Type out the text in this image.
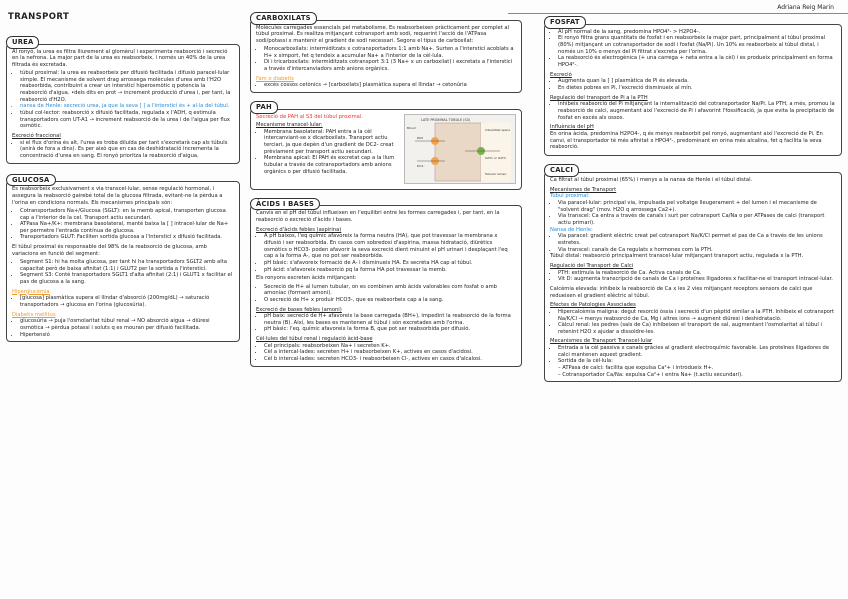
TRANSPORT
Adriana Reig Marin
UREA

Al ronyó, la urea es filtra lliurement al glomèrul i experimenta reabsorció i secreció en la nefrona. La major part de la urea es reabsorbeix, i només un 40% de la urea filtrada és excretada.

• túbul proximal: la urea es reabsorbeix per difusió facilitada i difusió paracel·lular simple. El mecanisme de solvent drag arrossega molècules d'urea amb l'H2O reabsorbida, contribuint a crear un intersticí hiperosmòtic q potencia la reabsorció d'aigua. •dels dits en prot → increment producció d'urea i, per tant, la reabsorció d'H2O.
• nansa de Henle: secreció urea, ja que la seva [ ] a l'intersticí és + al·la del túbul.
• túbul col·lector: reabsorció x difusió facilitada, regulada x l'ADH, q estimula transportadors com UT-A1 → increment reabsorció de la urea i de l'aigua per flux osmòtic.
Excreció fraccional
• si el flux d'orina és alt, l'urea es troba diluïda per tant s'excretarà cap als túbuls (anirà de fora a dins). Es per això que en cas de deshidratació incrementa la concentració d'urea en sang. El ronyó prioritza la reabsorció d'aigua.
GLUCOSA

Es reabsorbeix exclusivament x via transcel·lular, sense regulació hormonal, i assegura la reabsorció gairebé total de la glucosa filtrada, evitant-ne la pèrdua a l'orina en condicions normals. Els mecanismes principals són:

• Cotransportadors Na+/Glucosa (SGLT): en la memb apical, transporten glucosa cap a l'interior de la cel. Transport actiu secundari.
• ATPasa Na+/K+: membrana basolateral, manté baixa la [ ] intracel·lular de Na+ per permetre l'entrada contínua de glucosa.
• Transportadors GLUT: Faciliten sortida glucosa a l'intersticí x difusió facilitada.

El túbul proximal és responsable del 98% de la reabsorció de glucosa, amb variacions en funció del segment:

• Segment S1: hi ha molta glucosa, per tant hi ha transportadors SGLT2 amb alta capacitat però de baixa afinitat (1:1) i GLUT2 per la sortida a l'intersticí.
• Segment S3: Conté transportadors SGLT1 d'alta afinitat (2:1) i GLUT1 x facilitar el pas de glucosa a la sang.
Hiperglucèmia
• [glucosa] plasmàtica supera el llindar d'absorció (200mg/dL) → saturació transportadors → glucosa en l'orina (glucosúria).
Diabetis mellitus
• glucosúria → puja l'osmolaritat túbul renal → NO absorció aigua → diüresi osmòtica → pèrdua potassi i soluts q es mouran per difusió facilitada.
• Hipertensió
CARBOXILATS

Molècules carregades essencials pel metabolisme. Es reabsorbeixen pràcticament per complet al túbul proximal. Es realitza mitjançant cotransport amb sodi, requerint l'acció de l'ATPasa sodi/potassi x mantenir el gradient de sodi necessari. Segons el tipus de carboxilat:

• Monocarboxilats: intermiditzats x cotransportadors 1:1 amb Na+. Surten a l'intersticí acoblats a H+ x simport, fet q tendeix a acumular Na+ a l'interior de la cèl·lula.
• Di i tricarboxilats: intermiditzats cotransport 3:1 (3 Na+ x un carboxilat) i excretats a l'intersticí a través d'intercanviadors amb anions orgànics.
Fam o diabetis
• excés cossos cetònics → [carboxilats] plasmàtica supera el llindar → cetonúria
PAH
LATE PROXIMAL TUBULE (S3)
Interstitial space
Blood
PAH
DC2-
OAT1 or OAT3
Tubular lumen

Secreció de PAH al S3 del túbul proximal.

Mecanisme transcel·lular:
• Membrana basolateral: PAH entra a la cèl intercanviant-se x dicarboxilats. Transport actiu terciari, ja que depèn d'un gradient de DC2- creat prèviament per transport actiu secundari.
• Membrana apical: El PAH és excretat cap a la llum tubular a través de cotransportadors amb anions orgànics o per difusió facilitada.
ÀCIDS I BASES

Canvis en el pH del túbul influeixen en l'equilibri entre les formes carregades i, per tant, en la reabsorció o excreció d'àcids i bases.

Excreció d'àcids febles (aspirina)
• A pH baixos, l'eq químic afavoreix la forma neutra (HA), que pot travessar la membrana x difusió i ser reabsorbida. En casos com sobredosi d'aspirina, massa hidratació, diürètics osmòtics o HCO3- poden afavorir la seva excreció dient minuint el pH urinari i desplaçant l'eq cap a la forma A-, que no pot ser reabsorbida.
• pH bàsic: s'afavoreix formació de A- i disminueix HA. Es secreta HA cap al túbul.
• pH àcid: s'afavoreix reabsorció pq la forma HA pot travessar la memb.

Els ronyons excreten àcids mitjançant:

• Secreció de H+ al lumen tubular, on es combinen amb àcids valorables com fosfat o amb amoníac (formant amoni).
• O secreció de H+ x produir HCO3-, que es reabsorbeix cap a la sang.
Excreció de bases febles (amoni)
• pH baix: secreció de H+ afavoreix la base carregada (BH+), impedint la reabsorció de la forma neutra (B). Així, les bases es mantenen al túbul i són excretades amb l'orina.
• pH bàsic: l'eq. químic afavoreix la forma B, que pot ser reabsorbida per difusió.
Cèl·lules del túbul renal i regulació àcid-base
• Cel principals: reabsorbeixen Na+ i secreten K+.
• Cèl a intercal·lades: secreten H+ i reabsorbeixen K+, actives en casos d'acidosi.
• Cèl b intercal·lades: secreten HCO3- i reabsorbeixen Cl-, actives en casos d'alcalosi.
FOSFAT
• Al pH normal de la sang, predomina HPO4²- > H2PO4-.
• El ronyó filtra grans quantitats de fosfat i en reabsorbeix la major part, principalment al túbul proximal (80%) mitjançant un cotransportador de sodi i fosfat (Na/Pi). Un 10% es reabsorbeix al túbul distal, i només un 10% o menys del Pi filtrat s'excreta per l'orina.
• La reabsorció és electrogènica (+ una carrega + neta entra a la cèl) i es produeix principalment en forma HPO4²-.
Excreció
• Augmenta quan la [ ] plasmàtica de Pi és elevada.
• En dietes pobres en Pi, l'excreció disminueix al mín.
Regulació del transport de Pi a la PTH
• inhibeix reabsorció del Pi mitjançant la internalització del cotransportador Na/Pi. La PTH, a més, promou la reabsorció de calci, augmentant així l'excreció de Pi i afavorint l'fossificació, ja que evita la precipitació de fosfat en excés als ossos.
Influència del pH

En orina àcida, predomina H2PO4-, q és menys reabsorbit pel ronyó, augmentant així l'excreció de Pi. En canvi, el transportador té més afinitat x HPO4²-, predominant en orina més alcalina, fet q facilita la seva reabsorció.

CALCI

Ca filtrat al túbul proximal (65%) i menys a la nansa de Henle i el túbul distal.

Mecanismes de Transport
Túbul proximal:
• Via paracel·lular: principal via, impulsada pel voltatge lleugerament + del lumen i el mecanisme de "solvent drag" (mov. H2O q arrossega Ca2+).
• Via transcel: Ca entra a través de canals i surt per cotransport Ca/Na o per ATPases de calci (transport actiu primari).
Nansa de Henle:
• Via paracel: gradient elèctric creat pel cotransport Na/K/Cl permet el pas de Ca a través de les unions estretes.
• Via transcel: canals de Ca regulats x hormones com la PTH.

Túbul distal: reabsorció principalment transcel·lular mitjançant transport actiu, regulada x la PTH.

Regulació del Transport de Calci
• PTH: estimula la reabsorció de Ca. Activa canals de Ca.
• Vit D: augmenta transcripció de canals de Ca i proteïnes lligadores x facilitar-ne el transport intracel·lular.

Calcèmia elevada: inhibeix la reabsorció de Ca x les 2 vies mitjançant receptors sensors de calci que redueixen el gradient elèctric al túbul.

Efectes de Patologies Associades
• Hipercalcèmia maligna: degut resorció òssia i secreció d'un pèptid similar a la PTH. Inhibeix el cotransport Na/K/Cl → menys reabsorció de Ca, Mg i altres ions → augment diüresi i deshidratació.
• Càlcul renal: les pedres (sals de Ca) inhibeixen el transport de sal, augmentant l'osmolaritat al túbul i retenint H2O x ajudar a dissoldre-les.
Mecanismes de Transport Transcel·lular
• Entrada a la cèl passiva x canals gràcies al gradient electroquímic favorable. Les proteïnes lligadores de calci mantenen aquest gradient.
• Sortida de la cèl·lula:
– ATPasa de calci: facilita que expulsa Ca²+ i introdueix H+.
– Cotransportador Ca/Na: expulsa Ca²+ i entra Na+ (t.actiu secundari).
